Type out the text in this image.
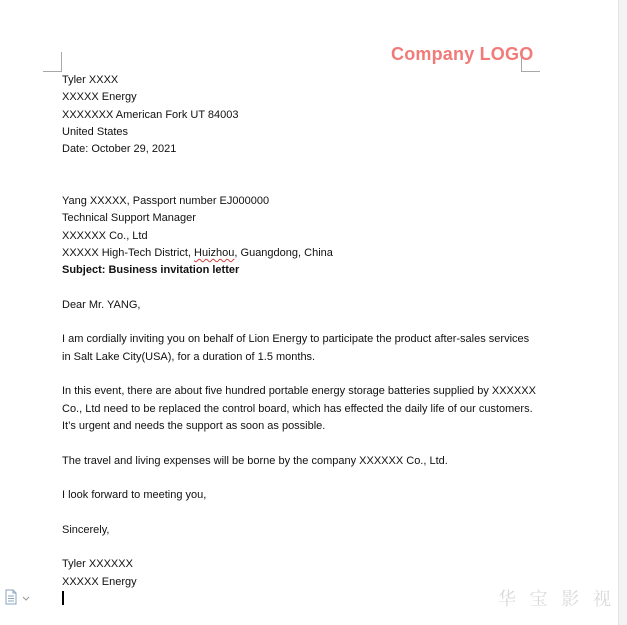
Company LOGO
Tyler XXXX
XXXXX Energy
XXXXXXX American Fork UT 84003
United States
Date: October 29, 2021
Yang XXXXX, Passport number EJ000000
Technical Support Manager
XXXXXX Co., Ltd
XXXXX High-Tech District, Huizhou, Guangdong, China
Subject: Business invitation letter
Dear Mr. YANG,
I am cordially inviting you on behalf of Lion Energy to participate the product after-sales services
in Salt Lake City(USA), for a duration of 1.5 months.
In this event, there are about five hundred portable energy storage batteries supplied by XXXXXX
Co., Ltd need to be replaced the control board, which has effected the daily life of our customers.
It’s urgent and needs the support as soon as possible.
The travel and living expenses will be borne by the company XXXXXX Co., Ltd.
I look forward to meeting you,
Sincerely,
Tyler XXXXXX
XXXXX Energy
华 宝 影 视
